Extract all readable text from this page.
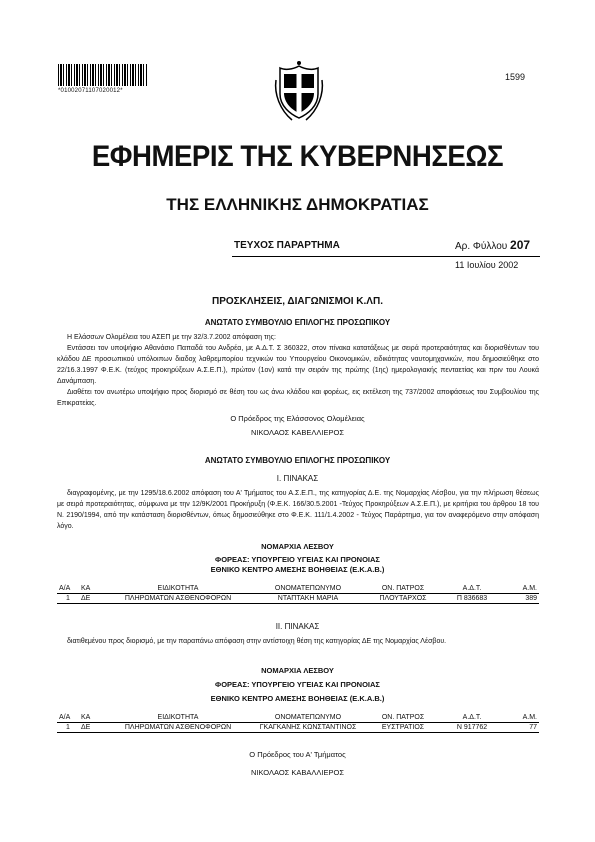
*01002071107020012*
1599
ΕΦΗΜΕΡΙΣ ΤΗΣ ΚΥΒΕΡΝΗΣΕΩΣ
ΤΗΣ ΕΛΛΗΝΙΚΗΣ ΔΗΜΟΚΡΑΤΙΑΣ
ΤΕΥΧΟΣ ΠΑΡΑΡΤΗΜΑ	Αρ. Φύλλου 207
11 Ιουλίου 2002
ΠΡΟΣΚΛΗΣΕΙΣ, ΔΙΑΓΩΝΙΣΜΟΙ Κ.ΛΠ.
ΑΝΩΤΑΤΟ ΣΥΜΒΟΥΛΙΟ ΕΠΙΛΟΓΗΣ ΠΡΟΣΩΠΙΚΟΥ
Η Ελάσσων Ολομέλεια του ΑΣΕΠ με την 32/3.7.2002 απόφαση της:
Εντάσσει τον υποψήφιο Αθανάσιο Παπαδά του Ανδρέα, με Α.Δ.Τ. Σ 360322, στον πίνακα κατατάξεως με σειρά προτεραιότητας και διορισθέντων του κλάδου ΔΕ προσωπικού υπόλοιπων διαδοχ λαθρεμπορίου τεχνικών του Υπουργείου Οικονομικών, ειδικότητας ναυτομηχανικών, που δημοσιεύθηκε στο 22/16.3.1997 Φ.Ε.Κ. (τεύχος προκηρύξεων Α.Σ.Ε.Π.), πρώτον (1ον) κατά την σειράν της πρώτης (1ης) ημερολογιακής πενταετίας και πριν του Λουκά Δανάμπαση.
Διαθέτει τον ανωτέρω υποψήφιο προς διορισμό σε θέση του ως άνω κλάδου και φορέως, εις εκτέλεση της 737/2002 αποφάσεως του Συμβουλίου της Επικρατείας.
Ο Πρόεδρος της Ελάσσονος Ολομέλειας
ΝΙΚΟΛΑΟΣ ΚΑΒΕΛΛΙΕΡΟΣ
ΑΝΩΤΑΤΟ ΣΥΜΒΟΥΛΙΟ ΕΠΙΛΟΓΗΣ ΠΡΟΣΩΠΙΚΟΥ
Ι. ΠΙΝΑΚΑΣ
διαγραφομένης, με την 1295/18.6.2002 απόφαση του Α' Τμήματος του Α.Σ.Ε.Π., της κατηγορίας Δ.Ε. της Νομαρχίας Λέσβου, για την πλήρωση θέσεως με σειρά προτεραιότητας, σύμφωνα με την 12/9Κ/2001 Προκήρυξη (Φ.Ε.Κ. 166/30.5.2001 -Τεύχος Προκηρύξεων Α.Σ.Ε.Π.), με κριτήρια του άρθρου 18 του Ν. 2190/1994, από την κατάσταση διορισθέντων, όπως δημοσιεύθηκε στο Φ.Ε.Κ. 111/1.4.2002 - Τεύχος Παράρτημα, για τον αναφερόμενο στην απόφαση λόγο.
ΝΟΜΑΡΧΙΑ ΛΕΣΒΟΥ
ΦΟΡΕΑΣ: ΥΠΟΥΡΓΕΙΟ ΥΓΕΙΑΣ ΚΑΙ ΠΡΟΝΟΙΑΣ
ΕΘΝΙΚΟ ΚΕΝΤΡΟ ΑΜΕΣΗΣ ΒΟΗΘΕΙΑΣ (Ε.Κ.Α.Β.)
Α/Α	ΚΑ	ΕΙΔΙΚΟΤΗΤΑ	ΟΝΟΜΑΤΕΠΩΝΥΜΟ	ΟΝ. ΠΑΤΡΟΣ	Α.Δ.Τ.	Α.Μ.
1	ΔΕ	ΠΛΗΡΩΜΑΤΩΝ ΑΣΘΕΝΟΦΟΡΩΝ	ΝΤΑΠΤΑΚΗ ΜΑΡΙΑ	ΠΛΟΥΤΑΡΧΟΣ	Π 836683	389
ΙΙ. ΠΙΝΑΚΑΣ
διατιθεμένου προς διορισμό, με την παραπάνω απόφαση στην αντίστοιχη θέση της κατηγορίας ΔΕ της Νομαρχίας Λέσβου.
ΝΟΜΑΡΧΙΑ ΛΕΣΒΟΥ
ΦΟΡΕΑΣ: ΥΠΟΥΡΓΕΙΟ ΥΓΕΙΑΣ ΚΑΙ ΠΡΟΝΟΙΑΣ
ΕΘΝΙΚΟ ΚΕΝΤΡΟ ΑΜΕΣΗΣ ΒΟΗΘΕΙΑΣ (Ε.Κ.Α.Β.)
Α/Α	ΚΑ	ΕΙΔΙΚΟΤΗΤΑ	ΟΝΟΜΑΤΕΠΩΝΥΜΟ	ΟΝ. ΠΑΤΡΟΣ	Α.Δ.Τ.	Α.Μ.
1	ΔΕ	ΠΛΗΡΩΜΑΤΩΝ ΑΣΘΕΝΟΦΟΡΩΝ	ΓΚΑΓΚΑΝΗΣ ΚΩΝΣΤΑΝΤΙΝΟΣ	ΕΥΣΤΡΑΤΙΟΣ	Ν 917762	77
Ο Πρόεδρος του Α' Τμήματος
ΝΙΚΟΛΑΟΣ ΚΑΒΑΛΛΙΕΡΟΣ
